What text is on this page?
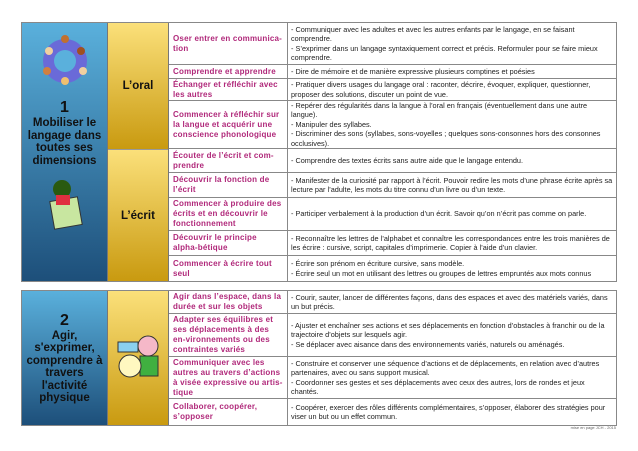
1
Mobiliser le langage dans toutes ses dimensions
L’oral
L’écrit
Oser entrer en communica-tion
- Communiquer avec les adultes et avec les autres enfants par le langage, en se faisant comprendre.
- S’exprimer dans un langage syntaxiquement correct et précis. Reformuler pour se faire mieux comprendre.
Comprendre et apprendre	- Dire de mémoire et de manière expressive plusieurs comptines et poésies
Échanger et réfléchir avec les autres
- Pratiquer divers usages du langage oral : raconter, décrire, évoquer, expliquer, questionner, proposer des solutions, discuter un point de vue.
Commencer à réfléchir sur la langue et acquérir une conscience phonologique
- Repérer des régularités dans la langue à l’oral en français (éventuellement dans une autre langue).
- Manipuler des syllabes.
- Discriminer des sons (syllabes, sons-voyelles ; quelques sons-consonnes hors des consonnes occlusives).
Écouter de l’écrit et com-prendre
- Comprendre des textes écrits sans autre aide que le langage entendu.
Découvrir la fonction de l’écrit
- Manifester de la curiosité par rapport à l’écrit. Pouvoir redire les mots d’une phrase écrite après sa lecture par l’adulte, les mots du titre connu d’un livre ou d’un texte.
Commencer à produire des écrits et en découvrir le fonctionnement
- Participer verbalement à la production d’un écrit. Savoir qu’on n’écrit pas comme on parle.
Découvrir le principe alpha-bétique
- Reconnaître les lettres de l’alphabet et connaître les correspondances entre les trois manières de les écrire : cursive, script, capitales d’imprimerie. Copier à l’aide d’un clavier.
Commencer à écrire tout seul
- Écrire son prénom en écriture cursive, sans modèle.
- Écrire seul un mot en utilisant des lettres ou groupes de lettres empruntés aux mots connus
2
Agir, s'exprimer, comprendre à travers l'activité physique
Agir dans l’espace, dans la durée et sur les objets
- Courir, sauter, lancer de différentes façons, dans des espaces et avec des matériels variés, dans un but précis.
Adapter ses équilibres et ses déplacements à des en-vironnements ou des contraintes variés
- Ajuster et enchaîner ses actions et ses déplacements en fonction d’obstacles à franchir ou de la trajectoire d’objets sur lesquels agir.
- Se déplacer avec aisance dans des environnements variés, naturels ou aménagés.
Communiquer avec les autres au travers d’actions à visée expressive ou artis-tique
- Construire et conserver une séquence d’actions et de déplacements, en relation avec d’autres partenaires, avec ou sans support musical.
- Coordonner ses gestes et ses déplacements avec ceux des autres, lors de rondes et jeux chantés.
Collaborer, coopérer, s’opposer
- Coopérer, exercer des rôles différents complémentaires, s’opposer, élaborer des stratégies pour viser un but ou un effet commun.
mise en page JCH - 2015
